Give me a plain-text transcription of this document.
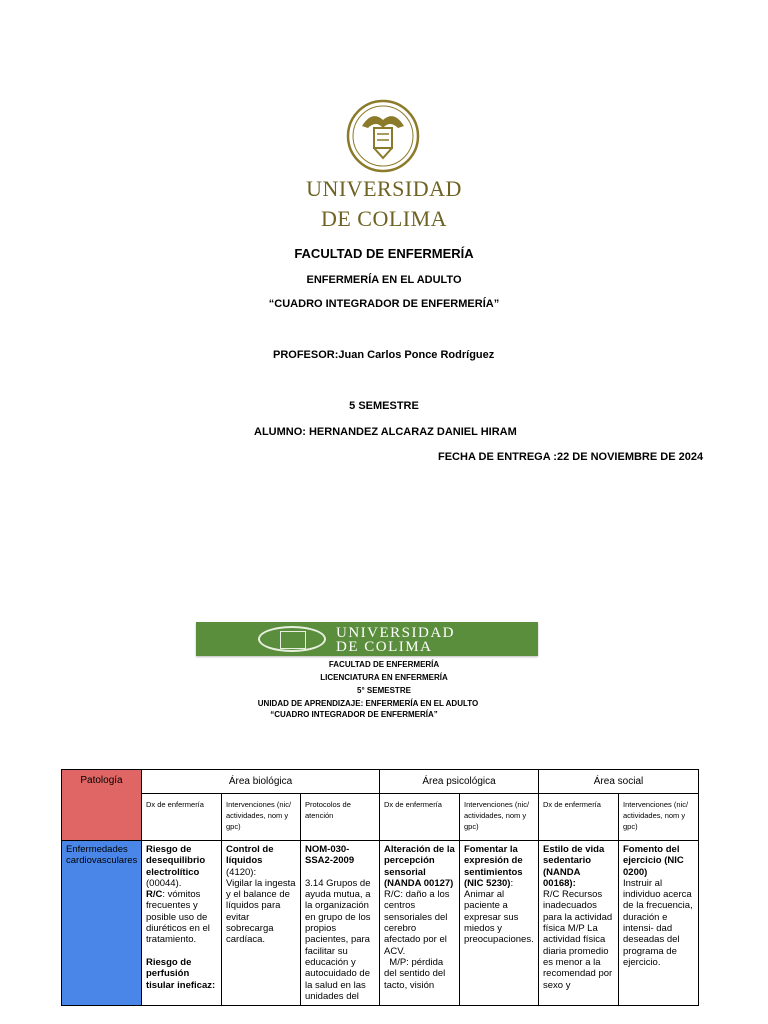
UNIVERSIDAD
DE COLIMA
FACULTAD DE ENFERMERÍA
ENFERMERÍA EN EL ADULTO
“CUADRO INTEGRADOR DE ENFERMERÍA”
PROFESOR:Juan Carlos Ponce Rodríguez
5 SEMESTRE
ALUMNO: HERNANDEZ ALCARAZ DANIEL HIRAM
FECHA DE ENTREGA :22 DE NOVIEMBRE DE 2024
UNIVERSIDAD
DE COLIMA
FACULTAD DE ENFERMERÍA
LICENCIATURA EN ENFERMERÍA
5° SEMESTRE
UNIDAD DE APRENDIZAJE: ENFERMERÍA EN EL ADULTO
“CUADRO INTEGRADOR DE ENFERMERÍA”
Patología	Área biológica			Área psicológica		Área social	
	Dx de enfermería	Intervenciones (nic/ actividades, nom y gpc)	Protocolos de atención	Dx de enfermería	Intervenciones (nic/ actividades, nom y gpc)	Dx de enfermería	Intervenciones (nic/ actividades, nom y gpc)
Enfermedades cardiovasculares	Riesgo de desequilibrio electrolítico
(00044).
R/C: vómitos frecuentes y posible uso de diuréticos en el tratamiento.

Riesgo de perfusión tisular ineficaz:	Control de líquidos
(4120):
Vigilar la ingesta y el balance de líquidos para evitar sobrecarga cardíaca.	NOM-030-SSA2-2009

3.14 Grupos de ayuda mutua, a la organización en grupo de los propios pacientes, para facilitar su educación y autocuidado de la salud en las unidades del	Alteración de la percepción sensorial (NANDA 00127)
R/C: daño a los centros sensoriales del cerebro afectado por el ACV.
M/P: pérdida del sentido del tacto, visión	Fomentar la expresión de sentimientos
(NIC 5230): Animar al paciente a expresar sus miedos y preocupaciones.	Estilo de vida sedentario (NANDA 00168):
R/C Recursos inadecuados para la actividad física M/P La actividad física diaria promedio es menor a la recomendad por sexo y	Fomento del ejercicio (NIC 0200)
Instruir al individuo acerca de la frecuencia, duración e intensi- dad deseadas del programa de ejercicio.
